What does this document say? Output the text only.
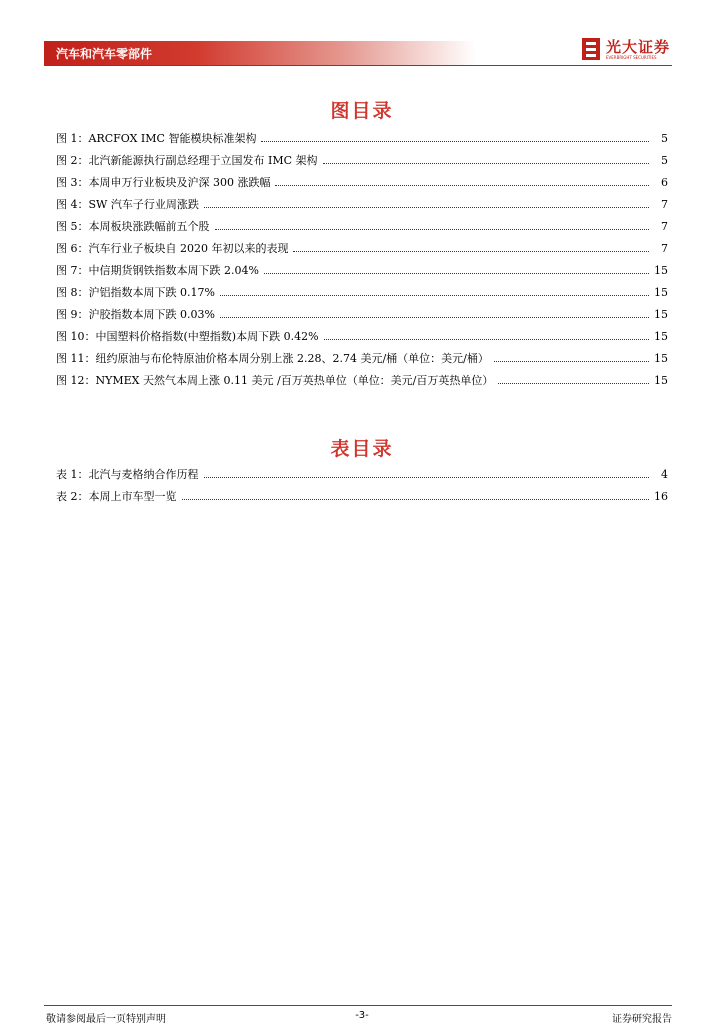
汽车和汽车零部件	光大证券
EVERBRIGHT SECURITIES
图目录
图 1：ARCFOX IMC 智能模块标准架构	5
图 2：北汽新能源执行副总经理于立国发布 IMC 架构	5
图 3：本周申万行业板块及沪深 300 涨跌幅	6
图 4：SW 汽车子行业周涨跌	7
图 5：本周板块涨跌幅前五个股	7
图 6：汽车行业子板块自 2020 年初以来的表现	7
图 7：中信期货钢铁指数本周下跌 2.04%	15
图 8：沪铝指数本周下跌 0.17%	15
图 9：沪胶指数本周下跌 0.03%	15
图 10：中国塑料价格指数(中塑指数)本周下跌 0.42%	15
图 11：纽约原油与布伦特原油价格本周分别上涨 2.28、2.74 美元/桶（单位：美元/桶）	15
图 12：NYMEX 天然气本周上涨 0.11 美元 /百万英热单位（单位：美元/百万英热单位）	15
表目录
表 1：北汽与麦格纳合作历程	4
表 2：本周上市车型一览	16
敬请参阅最后一页特别声明	-3-	证券研究报告
